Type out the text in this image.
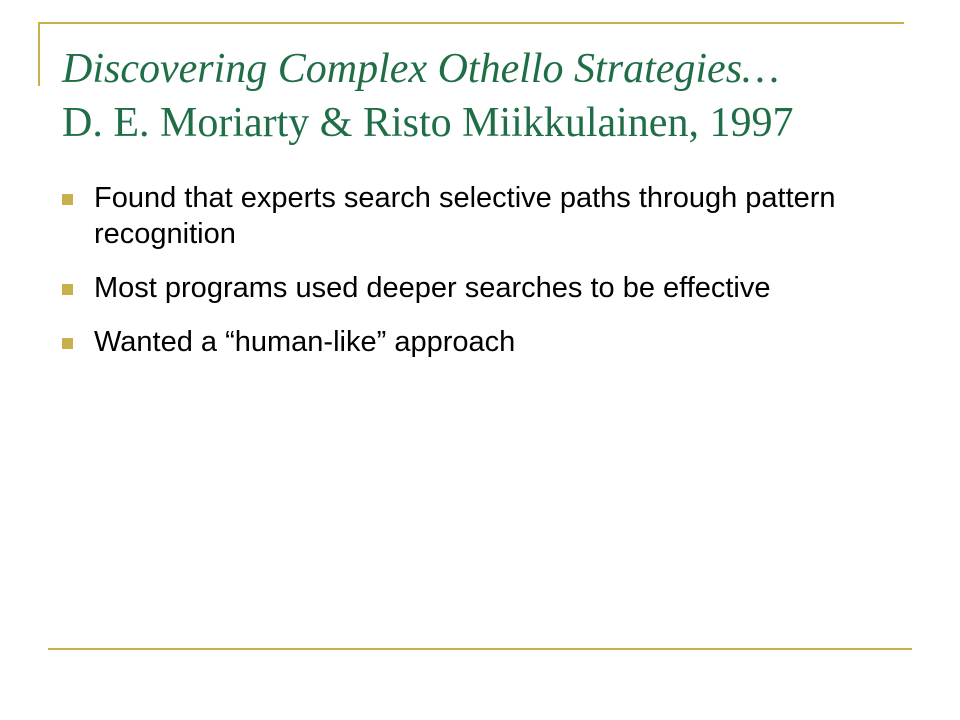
Discovering Complex Othello Strategies…
D. E. Moriarty & Risto Miikkulainen, 1997
Found that experts search selective paths through pattern recognition
Most programs used deeper searches to be effective
Wanted a “human-like” approach
